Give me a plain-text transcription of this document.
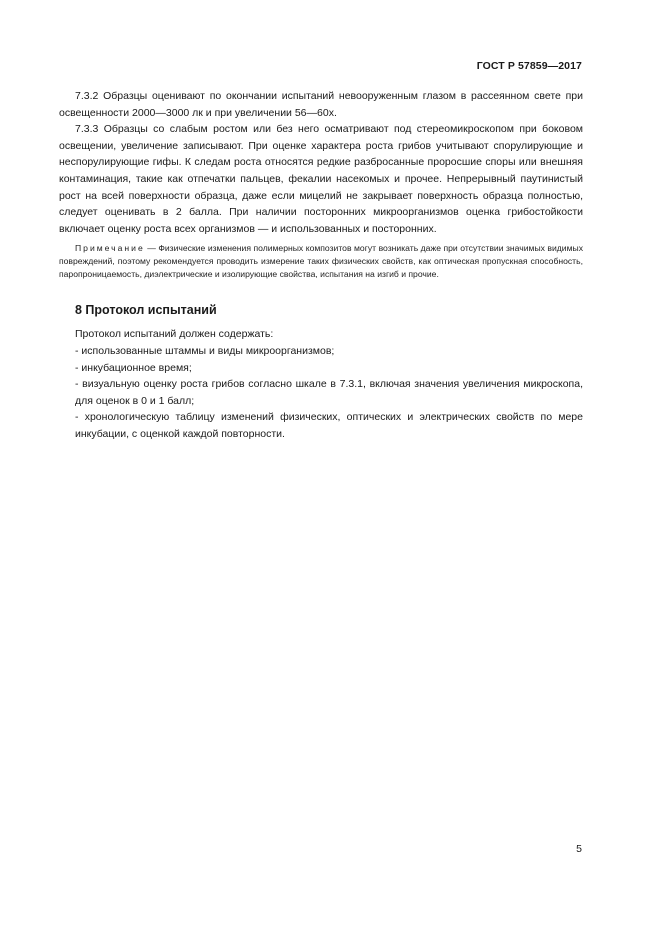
ГОСТ Р 57859—2017

7.3.2 Образцы оценивают по окончании испытаний невооруженным глазом в рассеянном свете при освещенности 2000—3000 лк и при увеличении 56—60х.

7.3.3 Образцы со слабым ростом или без него осматривают под стереомикроскопом при боковом освещении, увеличение записывают. При оценке характера роста грибов учитывают спорулирующие и неспорулирующие гифы. К следам роста относятся редкие разбросанные проросшие споры или внешняя контаминация, такие как отпечатки пальцев, фекалии насекомых и прочее. Непрерывный паутинистый рост на всей поверхности образца, даже если мицелий не закрывает поверхность образца полностью, следует оценивать в 2 балла. При наличии посторонних микроорганизмов оценка грибостойкости включает оценку роста всех организмов — и использованных и посторонних.

Примечание — Физические изменения полимерных композитов могут возникать даже при отсутствии значимых видимых повреждений, поэтому рекомендуется проводить измерение таких физических свойств, как оптическая пропускная способность, паропроницаемость, диэлектрические и изолирующие свойства, испытания на изгиб и прочие.

8 Протокол испытаний

Протокол испытаний должен содержать:

- использованные штаммы и виды микроорганизмов;

- инкубационное время;

- визуальную оценку роста грибов согласно шкале в 7.3.1, включая значения увеличения микроскопа, для оценок в 0 и 1 балл;

- хронологическую таблицу изменений физических, оптических и электрических свойств по мере инкубации, с оценкой каждой повторности.

5
